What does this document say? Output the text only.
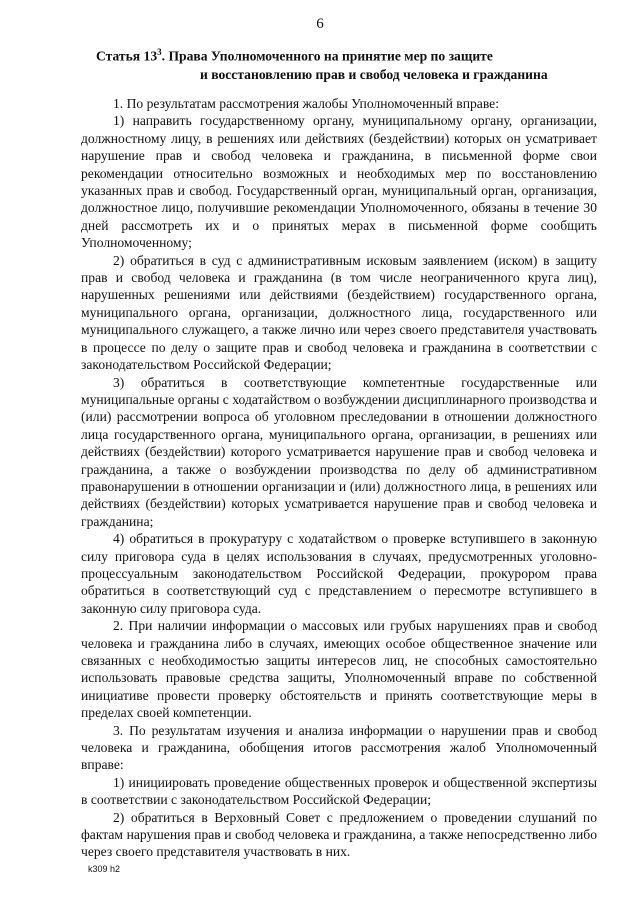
6
Статья $13^3$. Права Уполномоченного на принятие мер по защите
и восстановлению прав и свобод человека и гражданина

1. По результатам рассмотрения жалобы Уполномоченный вправе:

1) направить государственному органу, муниципальному органу, организации, должностному лицу, в решениях или действиях (бездействии) которых он усматривает нарушение прав и свобод человека и гражданина, в письменной форме свои рекомендации относительно возможных и необходимых мер по восстановлению указанных прав и свобод. Государственный орган, муниципальный орган, организация, должностное лицо, получившие рекомендации Уполномоченного, обязаны в течение 30 дней рассмотреть их и о принятых мерах в письменной форме сообщить Уполномоченному;

2) обратиться в суд с административным исковым заявлением (иском) в защиту прав и свобод человека и гражданина (в том числе неограниченного круга лиц), нарушенных решениями или действиями (бездействием) государственного органа, муниципального органа, организации, должностного лица, государственного или муниципального служащего, а также лично или через своего представителя участвовать в процессе по делу о защите прав и свобод человека и гражданина в соответствии с законодательством Российской Федерации;

3) обратиться в соответствующие компетентные государственные или муниципальные органы с ходатайством о возбуждении дисциплинарного производства и (или) рассмотрении вопроса об уголовном преследовании в отношении должностного лица государственного органа, муниципального органа, организации, в решениях или действиях (бездействии) которого усматривается нарушение прав и свобод человека и гражданина, а также о возбуждении производства по делу об административном правонарушении в отношении организации и (или) должностного лица, в решениях или действиях (бездействии) которых усматривается нарушение прав и свобод человека и гражданина;

4) обратиться в прокуратуру с ходатайством о проверке вступившего в законную силу приговора суда в целях использования в случаях, предусмотренных уголовно-процессуальным законодательством Российской Федерации, прокурором права обратиться в соответствующий суд с представлением о пересмотре вступившего в законную силу приговора суда.

2. При наличии информации о массовых или грубых нарушениях прав и свобод человека и гражданина либо в случаях, имеющих особое общественное значение или связанных с необходимостью защиты интересов лиц, не способных самостоятельно использовать правовые средства защиты, Уполномоченный вправе по собственной инициативе провести проверку обстоятельств и принять соответствующие меры в пределах своей компетенции.

3. По результатам изучения и анализа информации о нарушении прав и свобод человека и гражданина, обобщения итогов рассмотрения жалоб Уполномоченный вправе:

1) инициировать проведение общественных проверок и общественной экспертизы в соответствии с законодательством Российской Федерации;

2) обратиться в Верховный Совет с предложением о проведении слушаний по фактам нарушения прав и свобод человека и гражданина, а также непосредственно либо через своего представителя участвовать в них.

k309 h2
